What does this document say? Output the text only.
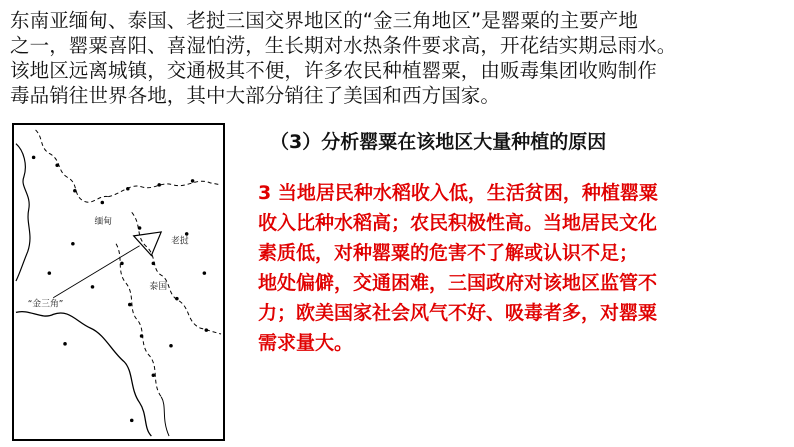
东南亚缅甸、泰国、老挝三国交界地区的“金三角地区”是罂粟的主要产地

之一，罂粟喜阳、喜湿怕涝，生长期对水热条件要求高，开花结实期忌雨水。

该地区远离城镇，交通极其不便，许多农民种植罂粟，由贩毒集团收购制作

毒品销往世界各地，其中大部分销往了美国和西方国家。

缅甸
老挝
泰国
“金三角”
（3）分析罂粟在该地区大量种植的原因

3 当地居民种水稻收入低，生活贫困，种植罂粟

收入比种水稻高；农民积极性高。当地居民文化

素质低，对种罂粟的危害不了解或认识不足；

地处偏僻，交通困难，三国政府对该地区监管不

力；欧美国家社会风气不好、吸毒者多，对罂粟

需求量大。
